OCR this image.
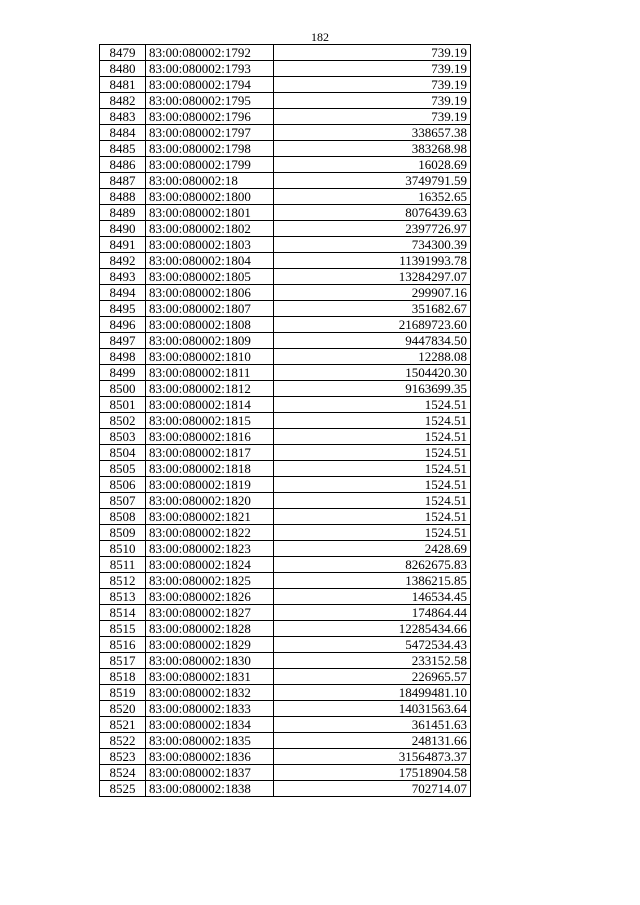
182
8479	83:00:080002:1792	739.19
8480	83:00:080002:1793	739.19
8481	83:00:080002:1794	739.19
8482	83:00:080002:1795	739.19
8483	83:00:080002:1796	739.19
8484	83:00:080002:1797	338657.38
8485	83:00:080002:1798	383268.98
8486	83:00:080002:1799	16028.69
8487	83:00:080002:18	3749791.59
8488	83:00:080002:1800	16352.65
8489	83:00:080002:1801	8076439.63
8490	83:00:080002:1802	2397726.97
8491	83:00:080002:1803	734300.39
8492	83:00:080002:1804	11391993.78
8493	83:00:080002:1805	13284297.07
8494	83:00:080002:1806	299907.16
8495	83:00:080002:1807	351682.67
8496	83:00:080002:1808	21689723.60
8497	83:00:080002:1809	9447834.50
8498	83:00:080002:1810	12288.08
8499	83:00:080002:1811	1504420.30
8500	83:00:080002:1812	9163699.35
8501	83:00:080002:1814	1524.51
8502	83:00:080002:1815	1524.51
8503	83:00:080002:1816	1524.51
8504	83:00:080002:1817	1524.51
8505	83:00:080002:1818	1524.51
8506	83:00:080002:1819	1524.51
8507	83:00:080002:1820	1524.51
8508	83:00:080002:1821	1524.51
8509	83:00:080002:1822	1524.51
8510	83:00:080002:1823	2428.69
8511	83:00:080002:1824	8262675.83
8512	83:00:080002:1825	1386215.85
8513	83:00:080002:1826	146534.45
8514	83:00:080002:1827	174864.44
8515	83:00:080002:1828	12285434.66
8516	83:00:080002:1829	5472534.43
8517	83:00:080002:1830	233152.58
8518	83:00:080002:1831	226965.57
8519	83:00:080002:1832	18499481.10
8520	83:00:080002:1833	14031563.64
8521	83:00:080002:1834	361451.63
8522	83:00:080002:1835	248131.66
8523	83:00:080002:1836	31564873.37
8524	83:00:080002:1837	17518904.58
8525	83:00:080002:1838	702714.07
